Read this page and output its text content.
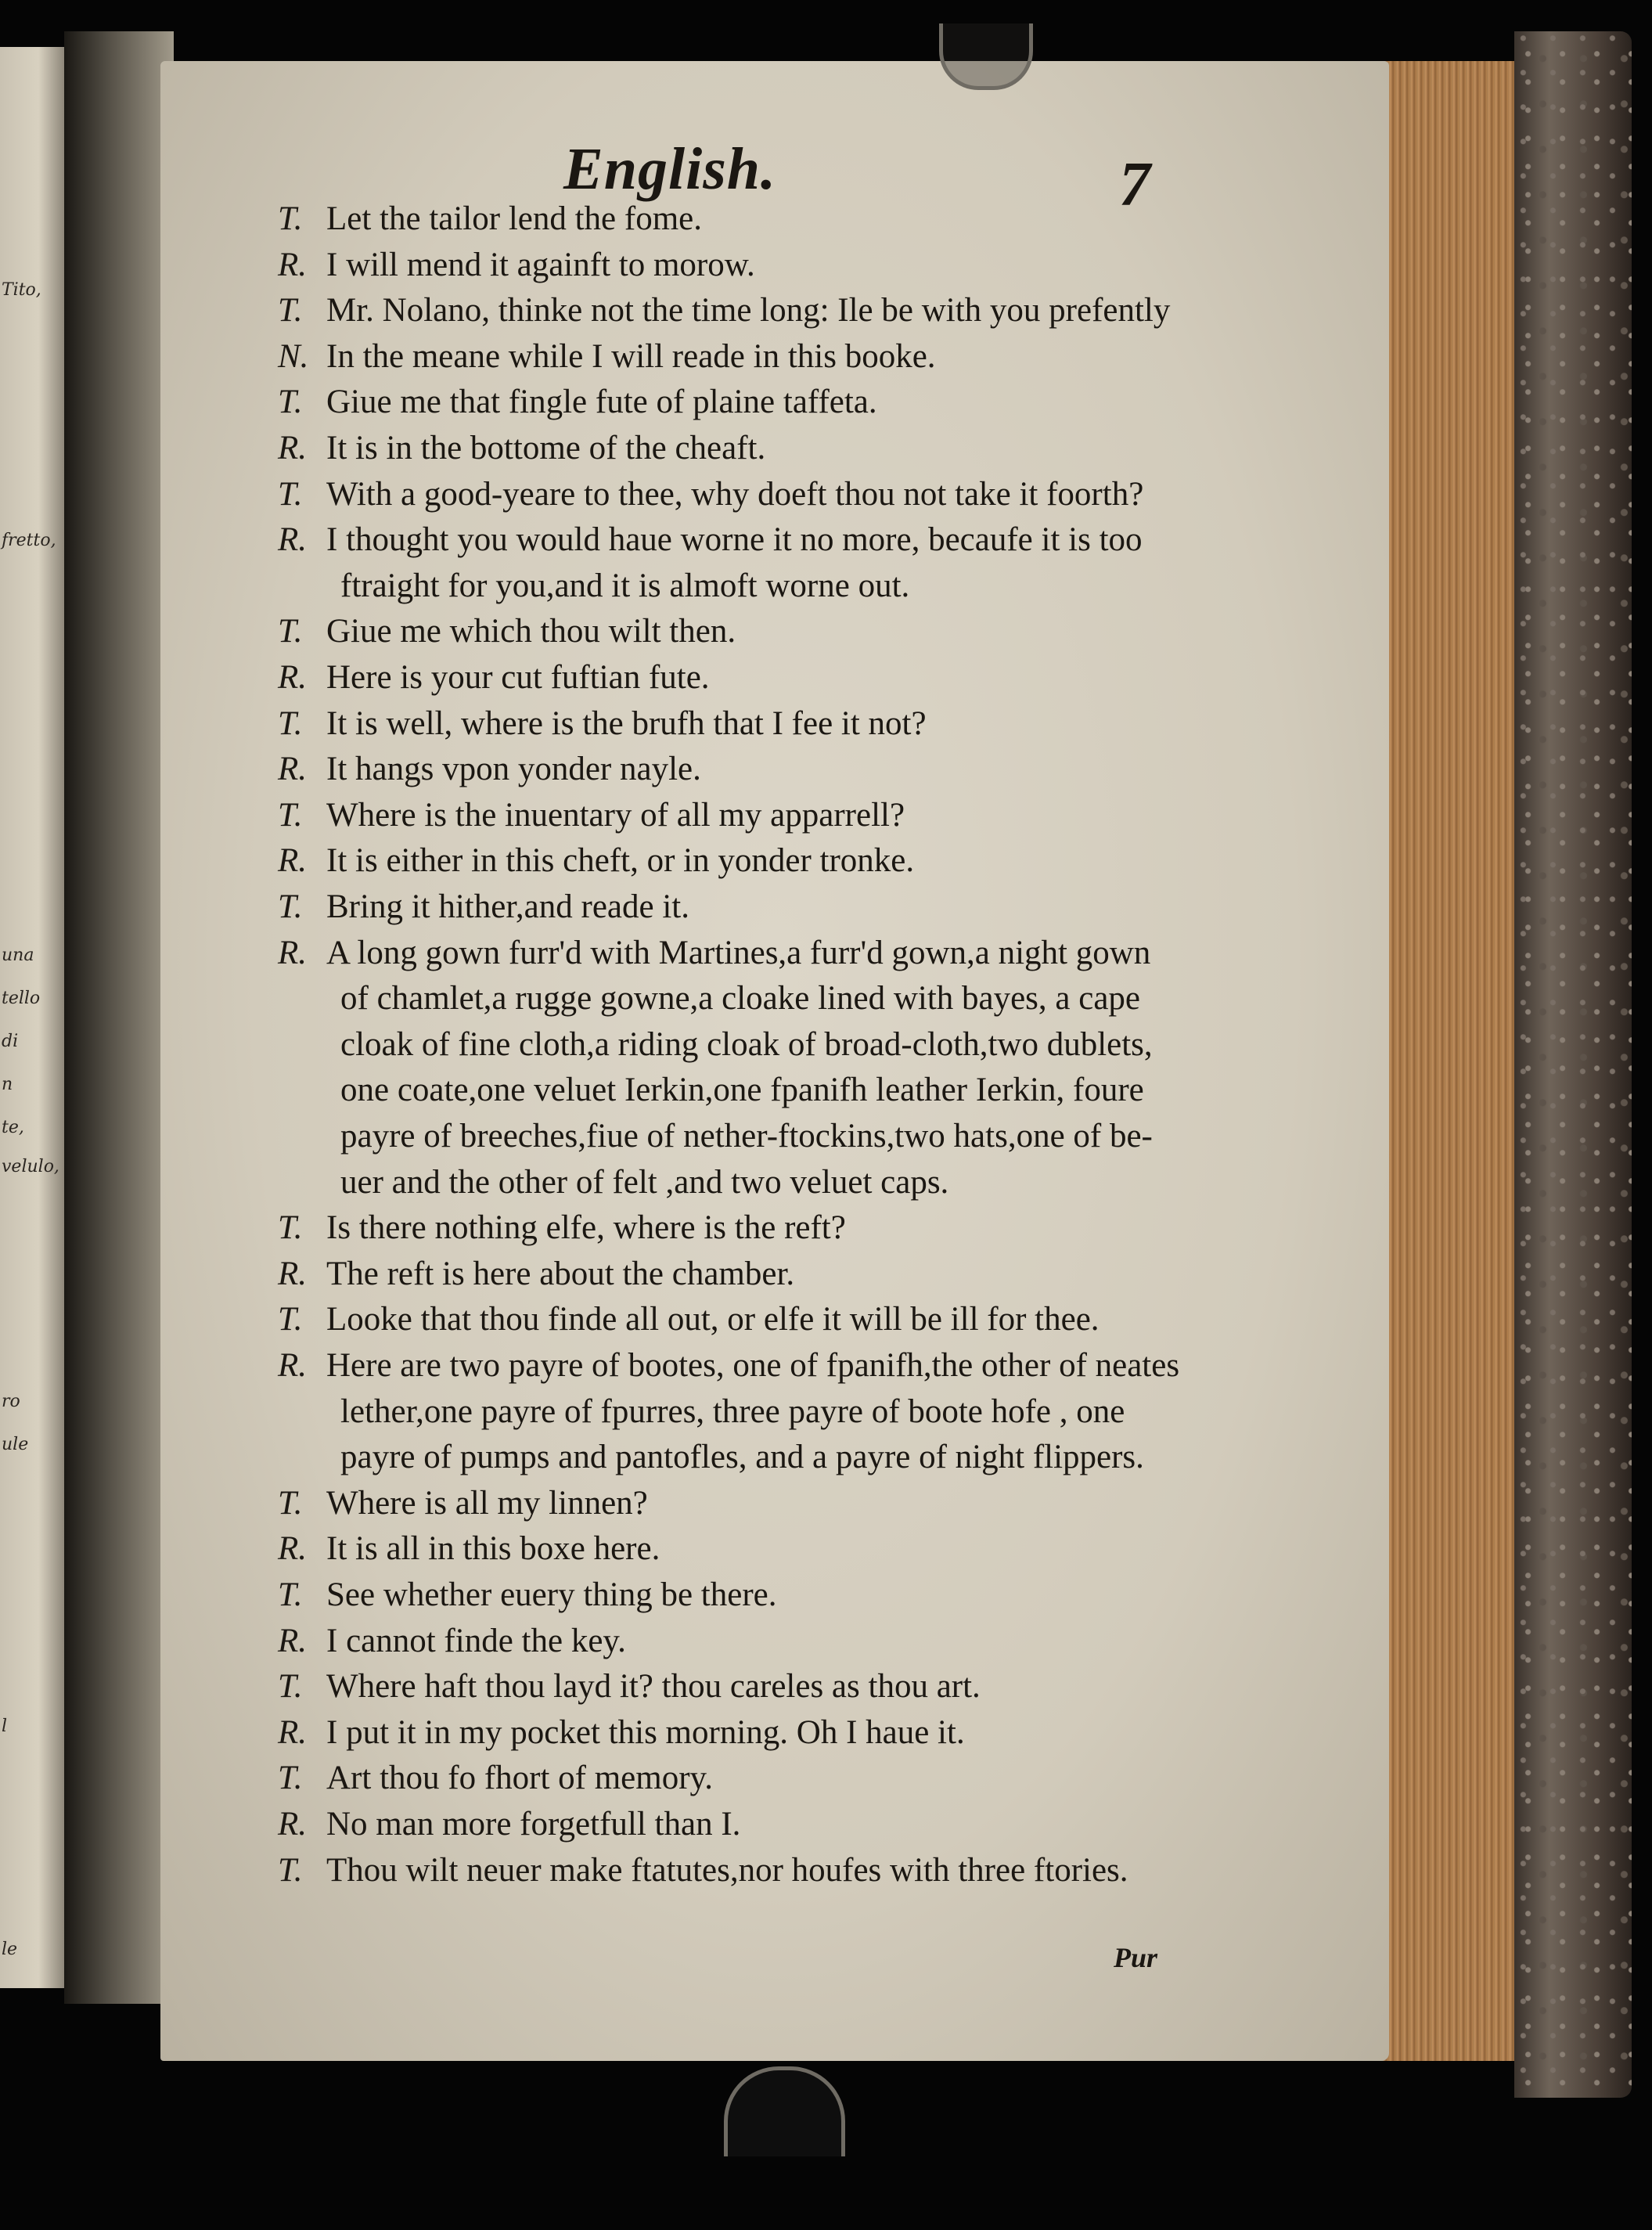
Tito,
fretto,
una
tello
di
n
te,
velulo,
ro
ule
l
le
English.	7
T. Let the tailor lend the fome.
R. I will mend it againft to morow.
T. Mr. Nolano, thinke not the time long: Ile be with you prefently
N. In the meane while I will reade in this booke.
T. Giue me that fingle fute of plaine taffeta.
R. It is in the bottome of the cheaft.
T. With a good-yeare to thee, why doeft thou not take it foorth?
R. I thought you would haue worne it no more, becaufe it is too
ftraight for you,and it is almoft worne out.
T. Giue me which thou wilt then.
R. Here is your cut fuftian fute.
T. It is well, where is the brufh that I fee it not?
R. It hangs vpon yonder nayle.
T. Where is the inuentary of all my apparrell?
R. It is either in this cheft, or in yonder tronke.
T. Bring it hither,and reade it.
R. A long gown furr'd with Martines,a furr'd gown,a night gown
of chamlet,a rugge gowne,a cloake lined with bayes, a cape
cloak of fine cloth,a riding cloak of broad-cloth,two dublets,
one coate,one veluet Ierkin,one fpanifh leather Ierkin, foure
payre of breeches,fiue of nether-ftockins,two hats,one of be-
uer and the other of felt ,and two veluet caps.
T. Is there nothing elfe, where is the reft?
R. The reft is here about the chamber.
T. Looke that thou finde all out, or elfe it will be ill for thee.
R. Here are two payre of bootes, one of fpanifh,the other of neates
lether,one payre of fpurres, three payre of boote hofe , one
payre of pumps and pantofles, and a payre of night flippers.
T. Where is all my linnen?
R. It is all in this boxe here.
T. See whether euery thing be there.
R. I cannot finde the key.
T. Where haft thou layd it? thou careles as thou art.
R. I put it in my pocket this morning. Oh I haue it.
T. Art thou fo fhort of memory.
R. No man more forgetfull than I.
T. Thou wilt neuer make ftatutes,nor houfes with three ftories.
Pur
